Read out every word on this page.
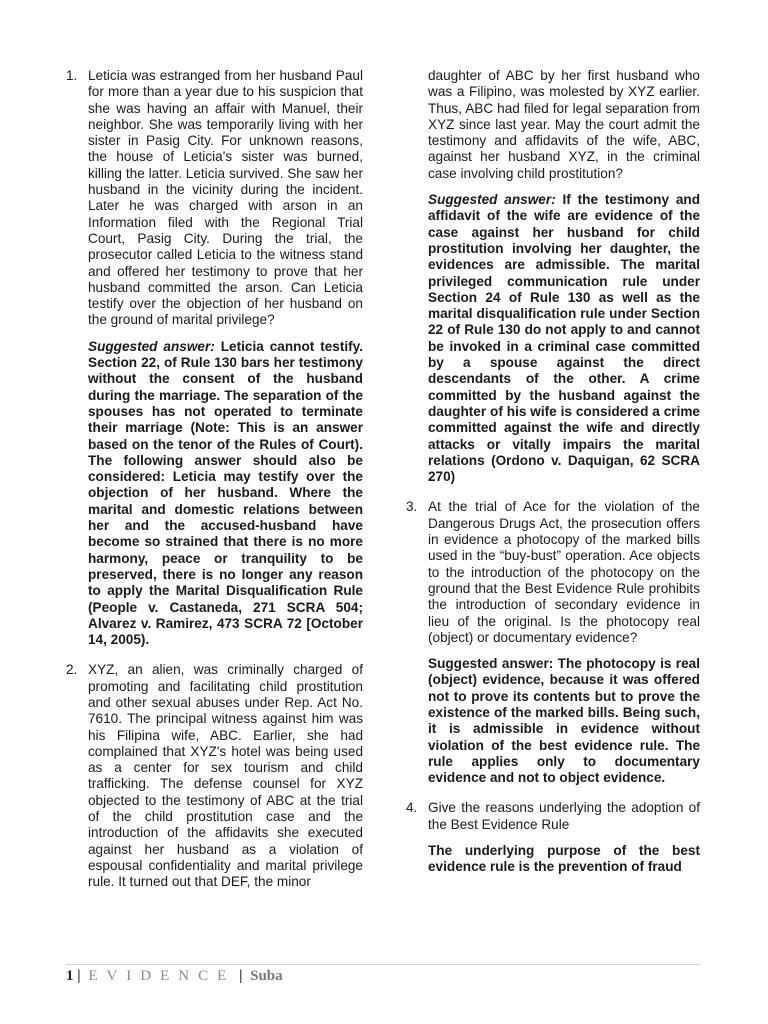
1. Leticia was estranged from her husband Paul for more than a year due to his suspicion that she was having an affair with Manuel, their neighbor. She was temporarily living with her sister in Pasig City. For unknown reasons, the house of Leticia's sister was burned, killing the latter. Leticia survived. She saw her husband in the vicinity during the incident. Later he was charged with arson in an Information filed with the Regional Trial Court, Pasig City. During the trial, the prosecutor called Leticia to the witness stand and offered her testimony to prove that her husband committed the arson. Can Leticia testify over the objection of her husband on the ground of marital privilege?
Suggested answer: Leticia cannot testify. Section 22, of Rule 130 bars her testimony without the consent of the husband during the marriage. The separation of the spouses has not operated to terminate their marriage (Note: This is an answer based on the tenor of the Rules of Court). The following answer should also be considered: Leticia may testify over the objection of her husband. Where the marital and domestic relations between her and the accused-husband have become so strained that there is no more harmony, peace or tranquility to be preserved, there is no longer any reason to apply the Marital Disqualification Rule (People v. Castaneda, 271 SCRA 504; Alvarez v. Ramirez, 473 SCRA 72 [October 14, 2005).
2. XYZ, an alien, was criminally charged of promoting and facilitating child prostitution and other sexual abuses under Rep. Act No. 7610. The principal witness against him was his Filipina wife, ABC. Earlier, she had complained that XYZ's hotel was being used as a center for sex tourism and child trafficking. The defense counsel for XYZ objected to the testimony of ABC at the trial of the child prostitution case and the introduction of the affidavits she executed against her husband as a violation of espousal confidentiality and marital privilege rule. It turned out that DEF, the minor
daughter of ABC by her first husband who was a Filipino, was molested by XYZ earlier. Thus, ABC had filed for legal separation from XYZ since last year. May the court admit the testimony and affidavits of the wife, ABC, against her husband XYZ, in the criminal case involving child prostitution?
Suggested answer: If the testimony and affidavit of the wife are evidence of the case against her husband for child prostitution involving her daughter, the evidences are admissible. The marital privileged communication rule under Section 24 of Rule 130 as well as the marital disqualification rule under Section 22 of Rule 130 do not apply to and cannot be invoked in a criminal case committed by a spouse against the direct descendants of the other. A crime committed by the husband against the daughter of his wife is considered a crime committed against the wife and directly attacks or vitally impairs the marital relations (Ordono v. Daquigan, 62 SCRA 270)
3. At the trial of Ace for the violation of the Dangerous Drugs Act, the prosecution offers in evidence a photocopy of the marked bills used in the “buy-bust” operation. Ace objects to the introduction of the photocopy on the ground that the Best Evidence Rule prohibits the introduction of secondary evidence in lieu of the original. Is the photocopy real (object) or documentary evidence?
Suggested answer: The photocopy is real (object) evidence, because it was offered not to prove its contents but to prove the existence of the marked bills. Being such, it is admissible in evidence without violation of the best evidence rule. The rule applies only to documentary evidence and not to object evidence.
4. Give the reasons underlying the adoption of the Best Evidence Rule
The underlying purpose of the best evidence rule is the prevention of fraud
1 | EVIDENCE | Suba
